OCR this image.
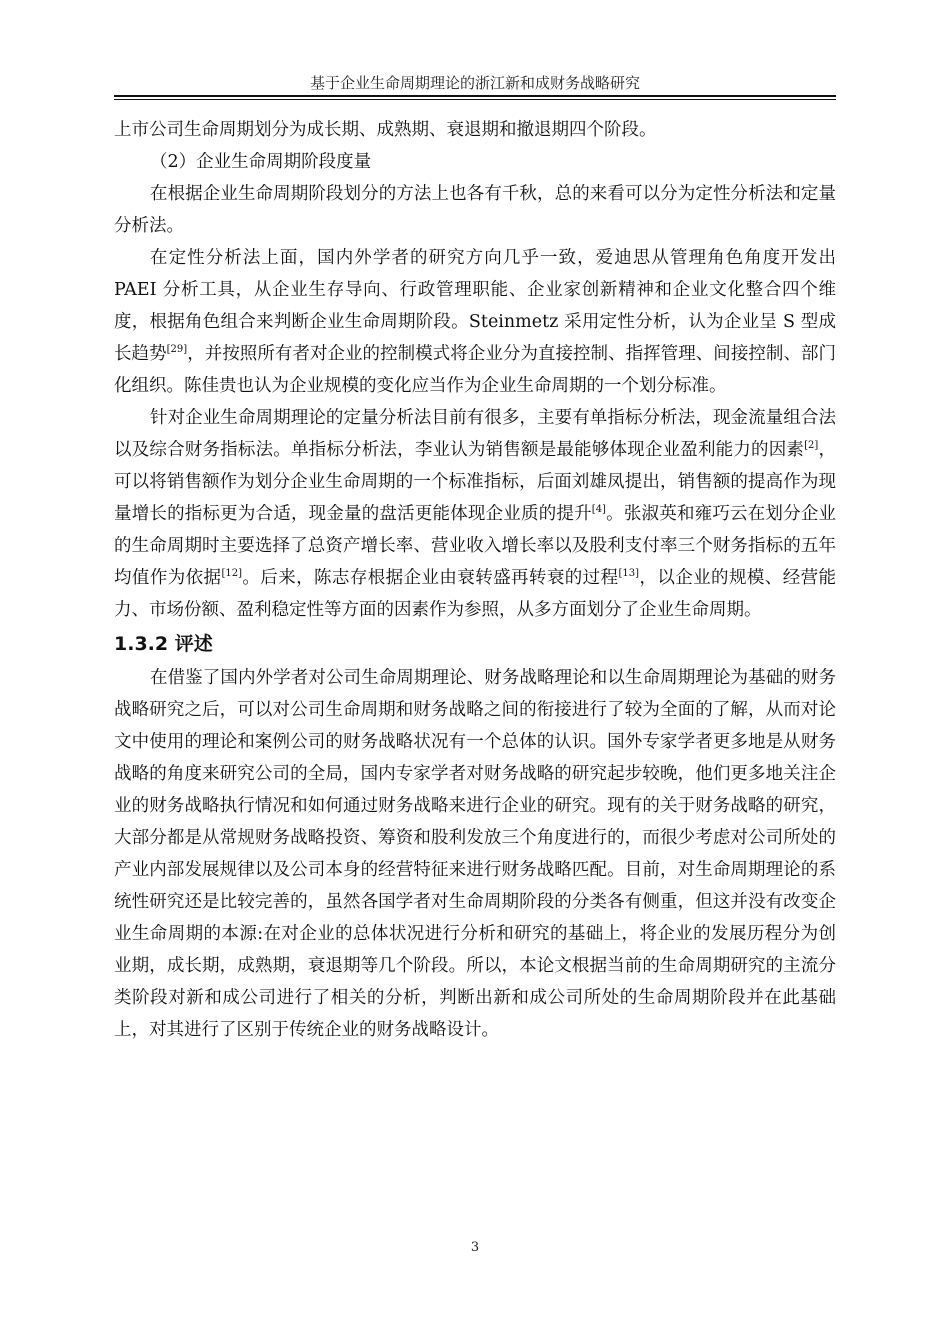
基于企业生命周期理论的浙江新和成财务战略研究

上市公司生命周期划分为成长期、成熟期、衰退期和撤退期四个阶段。

（2）企业生命周期阶段度量

在根据企业生命周期阶段划分的方法上也各有千秋，总的来看可以分为定性分析法和定量分析法。

在定性分析法上面，国内外学者的研究方向几乎一致，爱迪思从管理角色角度开发出 PAEI 分析工具，从企业生存导向、行政管理职能、企业家创新精神和企业文化整合四个维度，根据角色组合来判断企业生命周期阶段。Steinmetz 采用定性分析，认为企业呈 S 型成长趋势[29]，并按照所有者对企业的控制模式将企业分为直接控制、指挥管理、间接控制、部门化组织。陈佳贵也认为企业规模的变化应当作为企业生命周期的一个划分标准。

针对企业生命周期理论的定量分析法目前有很多，主要有单指标分析法，现金流量组合法以及综合财务指标法。单指标分析法，李业认为销售额是最能够体现企业盈利能力的因素[2]，可以将销售额作为划分企业生命周期的一个标准指标，后面刘雄凤提出，销售额的提高作为现量增长的指标更为合适，现金量的盘活更能体现企业质的提升[4]。张淑英和雍巧云在划分企业的生命周期时主要选择了总资产增长率、营业收入增长率以及股利支付率三个财务指标的五年均值作为依据[12]。后来，陈志存根据企业由衰转盛再转衰的过程[13]，以企业的规模、经营能力、市场份额、盈利稳定性等方面的因素作为参照，从多方面划分了企业生命周期。

1.3.2 评述

在借鉴了国内外学者对公司生命周期理论、财务战略理论和以生命周期理论为基础的财务战略研究之后，可以对公司生命周期和财务战略之间的衔接进行了较为全面的了解，从而对论文中使用的理论和案例公司的财务战略状况有一个总体的认识。国外专家学者更多地是从财务战略的角度来研究公司的全局，国内专家学者对财务战略的研究起步较晚，他们更多地关注企业的财务战略执行情况和如何通过财务战略来进行企业的研究。现有的关于财务战略的研究，大部分都是从常规财务战略投资、筹资和股利发放三个角度进行的，而很少考虑对公司所处的产业内部发展规律以及公司本身的经营特征来进行财务战略匹配。目前，对生命周期理论的系统性研究还是比较完善的，虽然各国学者对生命周期阶段的分类各有侧重，但这并没有改变企业生命周期的本源:在对企业的总体状况进行分析和研究的基础上，将企业的发展历程分为创业期，成长期，成熟期，衰退期等几个阶段。所以，本论文根据当前的生命周期研究的主流分类阶段对新和成公司进行了相关的分析，判断出新和成公司所处的生命周期阶段并在此基础上，对其进行了区别于传统企业的财务战略设计。

3
